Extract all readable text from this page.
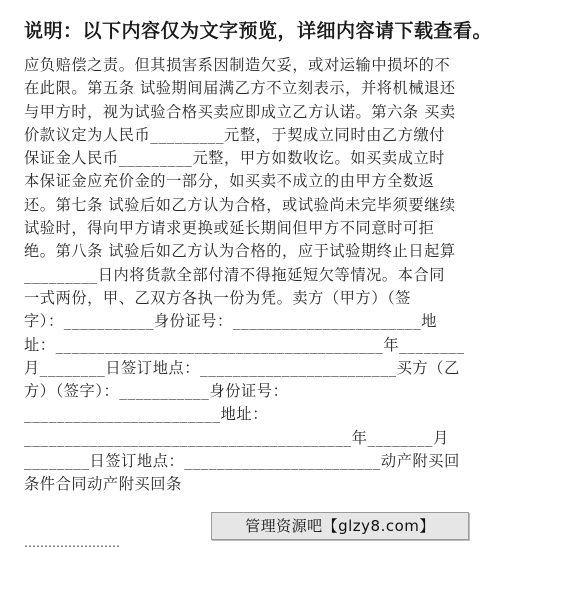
说明：以下内容仅为文字预览，详细内容请下载查看。
应负赔偿之责。但其损害系因制造欠妥，或对运输中损坏的不
在此限。第五条 试验期间届满乙方不立刻表示，并将机械退还
与甲方时，视为试验合格买卖应即成立乙方认诺。第六条 买卖
价款议定为人民币_________元整，于契成立同时由乙方缴付
保证金人民币_________元整，甲方如数收讫。如买卖成立时
本保证金应充价金的一部分，如买卖不成立的由甲方全数返
还。第七条 试验后如乙方认为合格，或试验尚未完毕须要继续
试验时，得向甲方请求更换或延长期间但甲方不同意时可拒
绝。第八条 试验后如乙方认为合格的，应于试验期终止日起算
_________日内将货款全部付清不得拖延短欠等情况。本合同
一式两份，甲、乙双方各执一份为凭。卖方（甲方）（签
字）：___________身份证号：_______________________地
址：________________________________________年________
月________日签订地点：________________________买方（乙
方）（签字）：___________身份证号：
________________________地址：
________________________________________年________月
________日签订地点：________________________动产附买回
条件合同动产附买回条
……………………
管理资源吧【glzy8.com】
